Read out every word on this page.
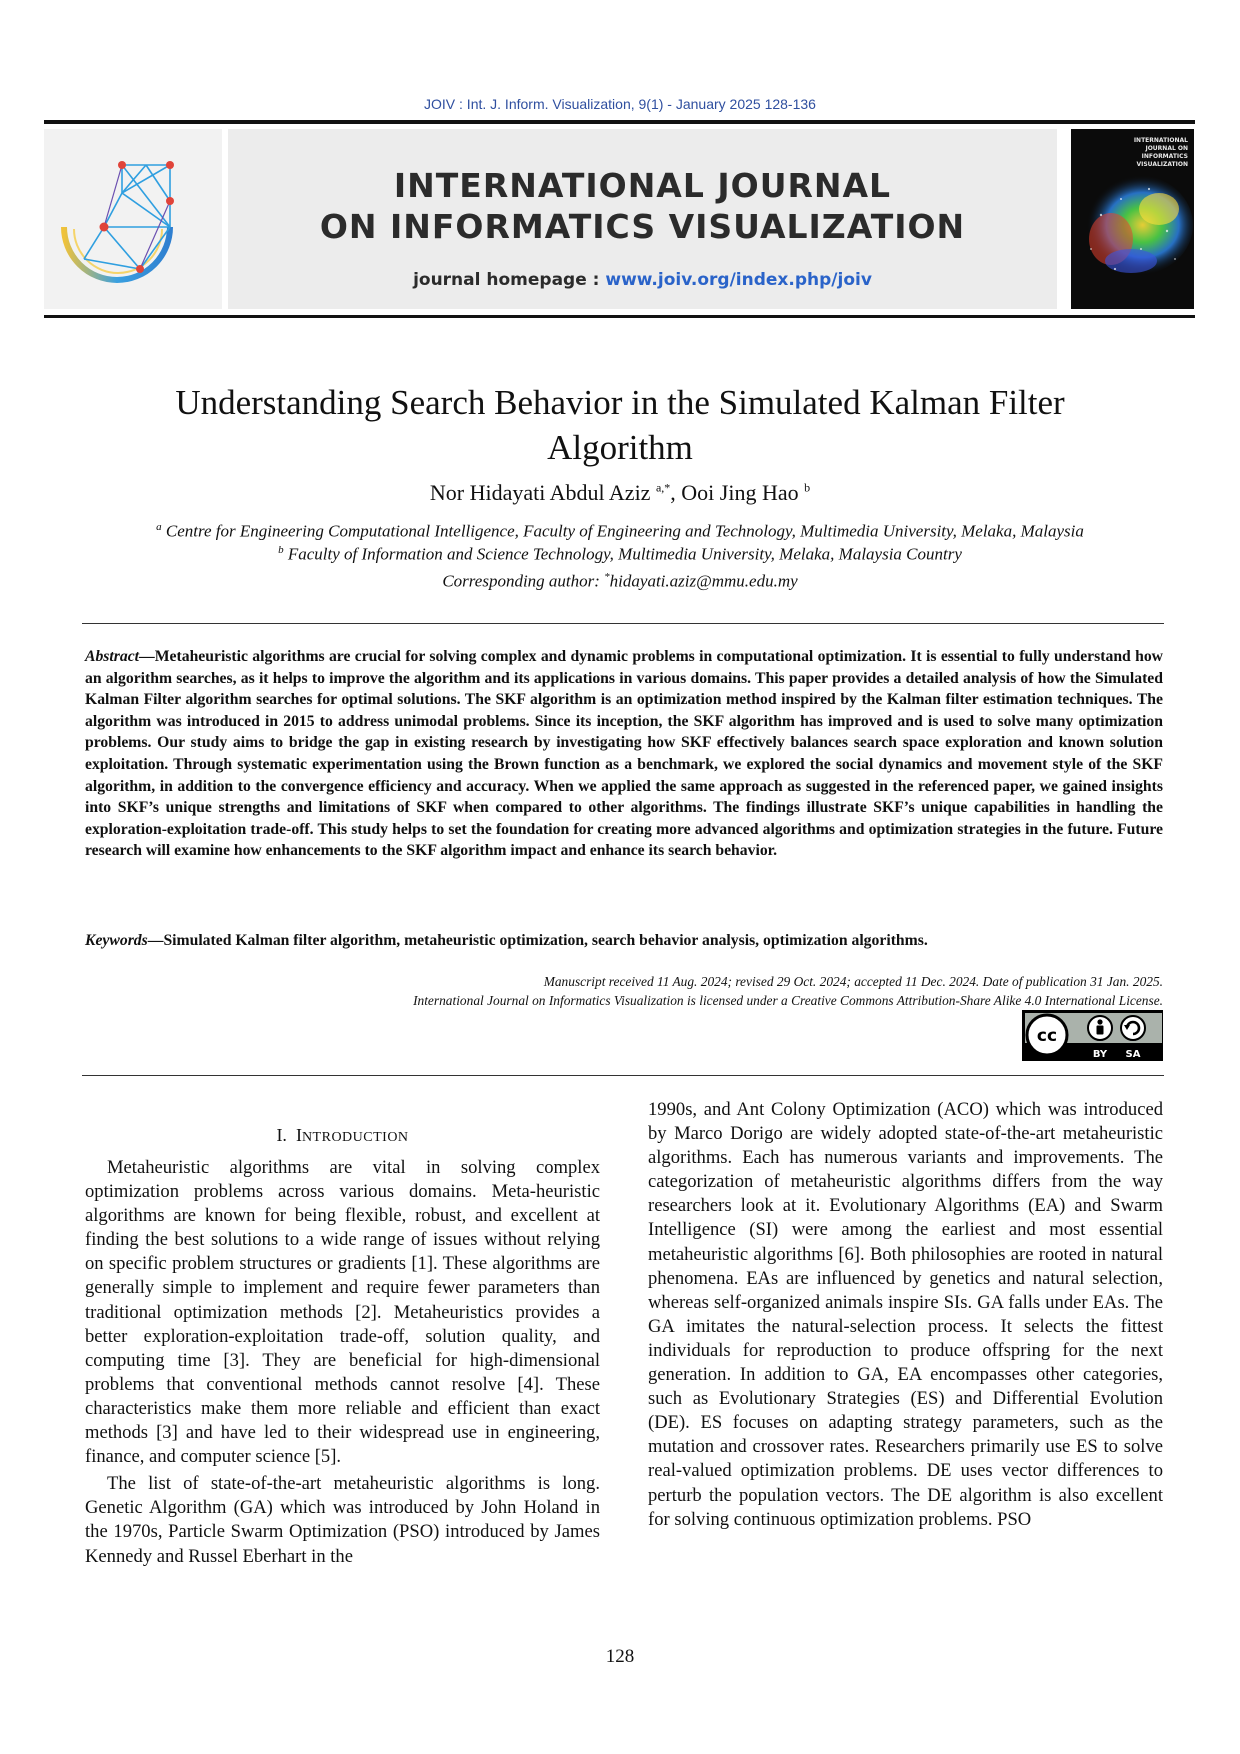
JOIV : Int. J. Inform. Visualization, 9(1) - January 2025 128-136
INTERNATIONAL JOURNAL
ON INFORMATICS VISUALIZATION
journal homepage : www.joiv.org/index.php/joiv
INTERNATIONAL
JOURNAL ON
INFORMATICS
VISUALIZATION
Understanding Search Behavior in the Simulated Kalman Filter
Algorithm
Nor Hidayati Abdul Aziz $^{a,*}$, Ooi Jing Hao $^b$
$^a$ Centre for Engineering Computational Intelligence, Faculty of Engineering and Technology, Multimedia University, Melaka, Malaysia
$^b$ Faculty of Information and Science Technology, Multimedia University, Melaka, Malaysia Country
Corresponding author: *hidayati.aziz@mmu.edu.my
Abstract—Metaheuristic algorithms are crucial for solving complex and dynamic problems in computational optimization. It is essential to fully understand how an algorithm searches, as it helps to improve the algorithm and its applications in various domains. This paper provides a detailed analysis of how the Simulated Kalman Filter algorithm searches for optimal solutions. The SKF algorithm is an optimization method inspired by the Kalman filter estimation techniques. The algorithm was introduced in 2015 to address unimodal problems. Since its inception, the SKF algorithm has improved and is used to solve many optimization problems. Our study aims to bridge the gap in existing research by investigating how SKF effectively balances search space exploration and known solution exploitation. Through systematic experimentation using the Brown function as a benchmark, we explored the social dynamics and movement style of the SKF algorithm, in addition to the convergence efficiency and accuracy. When we applied the same approach as suggested in the referenced paper, we gained insights into SKF’s unique strengths and limitations of SKF when compared to other algorithms. The findings illustrate SKF’s unique capabilities in handling the exploration-exploitation trade-off. This study helps to set the foundation for creating more advanced algorithms and optimization strategies in the future. Future research will examine how enhancements to the SKF algorithm impact and enhance its search behavior.
Keywords—Simulated Kalman filter algorithm, metaheuristic optimization, search behavior analysis, optimization algorithms.
Manuscript received 11 Aug. 2024; revised 29 Oct. 2024; accepted 11 Dec. 2024. Date of publication 31 Jan. 2025.
International Journal on Informatics Visualization is licensed under a Creative Commons Attribution-Share Alike 4.0 International License.
cc
BY SA
I. INTRODUCTION

Metaheuristic algorithms are vital in solving complex optimization problems across various domains. Meta-heuristic algorithms are known for being flexible, robust, and excellent at finding the best solutions to a wide range of issues without relying on specific problem structures or gradients [1]. These algorithms are generally simple to implement and require fewer parameters than traditional optimization methods [2]. Metaheuristics provides a better exploration-exploitation trade-off, solution quality, and computing time [3]. They are beneficial for high-dimensional problems that conventional methods cannot resolve [4]. These characteristics make them more reliable and efficient than exact methods [3] and have led to their widespread use in engineering, finance, and computer science [5].

The list of state-of-the-art metaheuristic algorithms is long. Genetic Algorithm (GA) which was introduced by John Holand in the 1970s, Particle Swarm Optimization (PSO) introduced by James Kennedy and Russel Eberhart in the

1990s, and Ant Colony Optimization (ACO) which was introduced by Marco Dorigo are widely adopted state-of-the-art metaheuristic algorithms. Each has numerous variants and improvements. The categorization of metaheuristic algorithms differs from the way researchers look at it. Evolutionary Algorithms (EA) and Swarm Intelligence (SI) were among the earliest and most essential metaheuristic algorithms [6]. Both philosophies are rooted in natural phenomena. EAs are influenced by genetics and natural selection, whereas self-organized animals inspire SIs. GA falls under EAs. The GA imitates the natural-selection process. It selects the fittest individuals for reproduction to produce offspring for the next generation. In addition to GA, EA encompasses other categories, such as Evolutionary Strategies (ES) and Differential Evolution (DE). ES focuses on adapting strategy parameters, such as the mutation and crossover rates. Researchers primarily use ES to solve real-valued optimization problems. DE uses vector differences to perturb the population vectors. The DE algorithm is also excellent for solving continuous optimization problems. PSO

128
